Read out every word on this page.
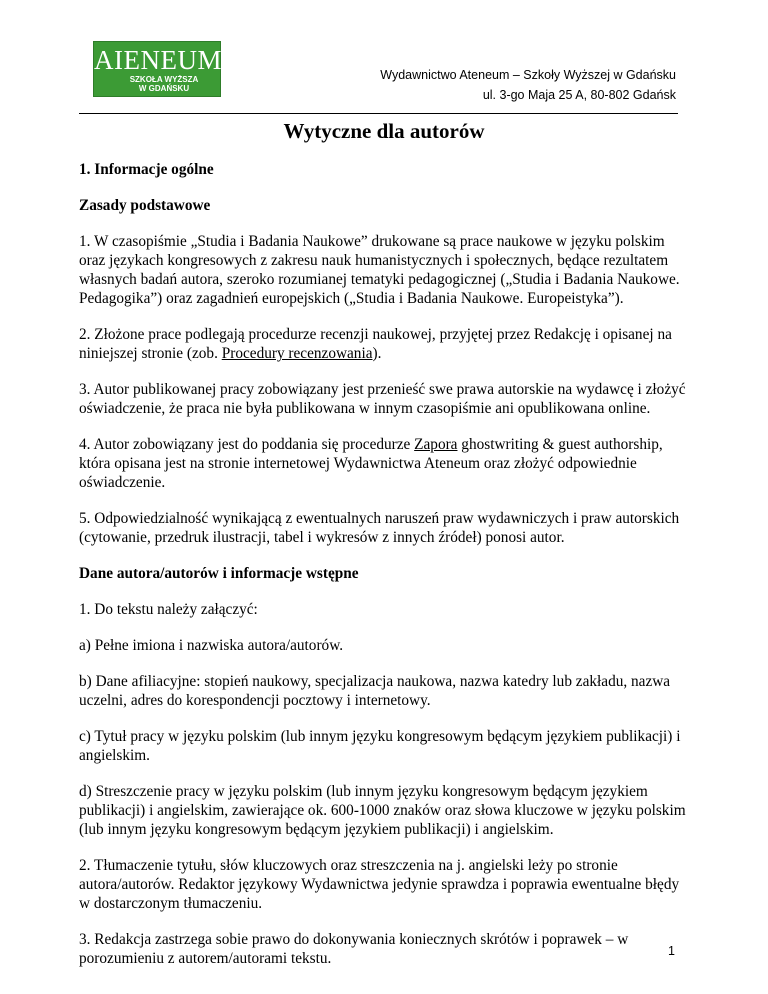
AΙENEUM
SZKOŁA WYŻSZA
W GDAŃSKU
Wydawnictwo Ateneum – Szkoły Wyższej w Gdańsku
ul. 3-go Maja 25 A, 80-802 Gdańsk
Wytyczne dla autorów

1. Informacje ogólne

Zasady podstawowe

1. W czasopiśmie „Studia i Badania Naukowe” drukowane są prace naukowe w języku polskim oraz językach kongresowych z zakresu nauk humanistycznych i społecznych, będące rezultatem własnych badań autora, szeroko rozumianej tematyki pedagogicznej („Studia i Badania Naukowe. Pedagogika”) oraz zagadnień europejskich („Studia i Badania Naukowe. Europeistyka”).

2. Złożone prace podlegają procedurze recenzji naukowej, przyjętej przez Redakcję i opisanej na niniejszej stronie (zob. Procedury recenzowania).

3. Autor publikowanej pracy zobowiązany jest przenieść swe prawa autorskie na wydawcę i złożyć oświadczenie, że praca nie była publikowana w innym czasopiśmie ani opublikowana online.

4. Autor zobowiązany jest do poddania się procedurze Zapora ghostwriting & guest authorship, która opisana jest na stronie internetowej Wydawnictwa Ateneum oraz złożyć odpowiednie oświadczenie.

5. Odpowiedzialność wynikającą z ewentualnych naruszeń praw wydawniczych i praw autorskich (cytowanie, przedruk ilustracji, tabel i wykresów z innych źródeł) ponosi autor.

Dane autora/autorów i informacje wstępne

1. Do tekstu należy załączyć:

a) Pełne imiona i nazwiska autora/autorów.

b) Dane afiliacyjne: stopień naukowy, specjalizacja naukowa, nazwa katedry lub zakładu, nazwa uczelni, adres do korespondencji pocztowy i internetowy.

c) Tytuł pracy w języku polskim (lub innym języku kongresowym będącym językiem publikacji) i angielskim.

d) Streszczenie pracy w języku polskim (lub innym języku kongresowym będącym językiem publikacji) i angielskim, zawierające ok. 600-1000 znaków oraz słowa kluczowe w języku polskim (lub innym języku kongresowym będącym językiem publikacji) i angielskim.

2. Tłumaczenie tytułu, słów kluczowych oraz streszczenia na j. angielski leży po stronie autora/autorów. Redaktor językowy Wydawnictwa jedynie sprawdza i poprawia ewentualne błędy w dostarczonym tłumaczeniu.

3. Redakcja zastrzega sobie prawo do dokonywania koniecznych skrótów i poprawek – w porozumieniu z autorem/autorami tekstu.	1
